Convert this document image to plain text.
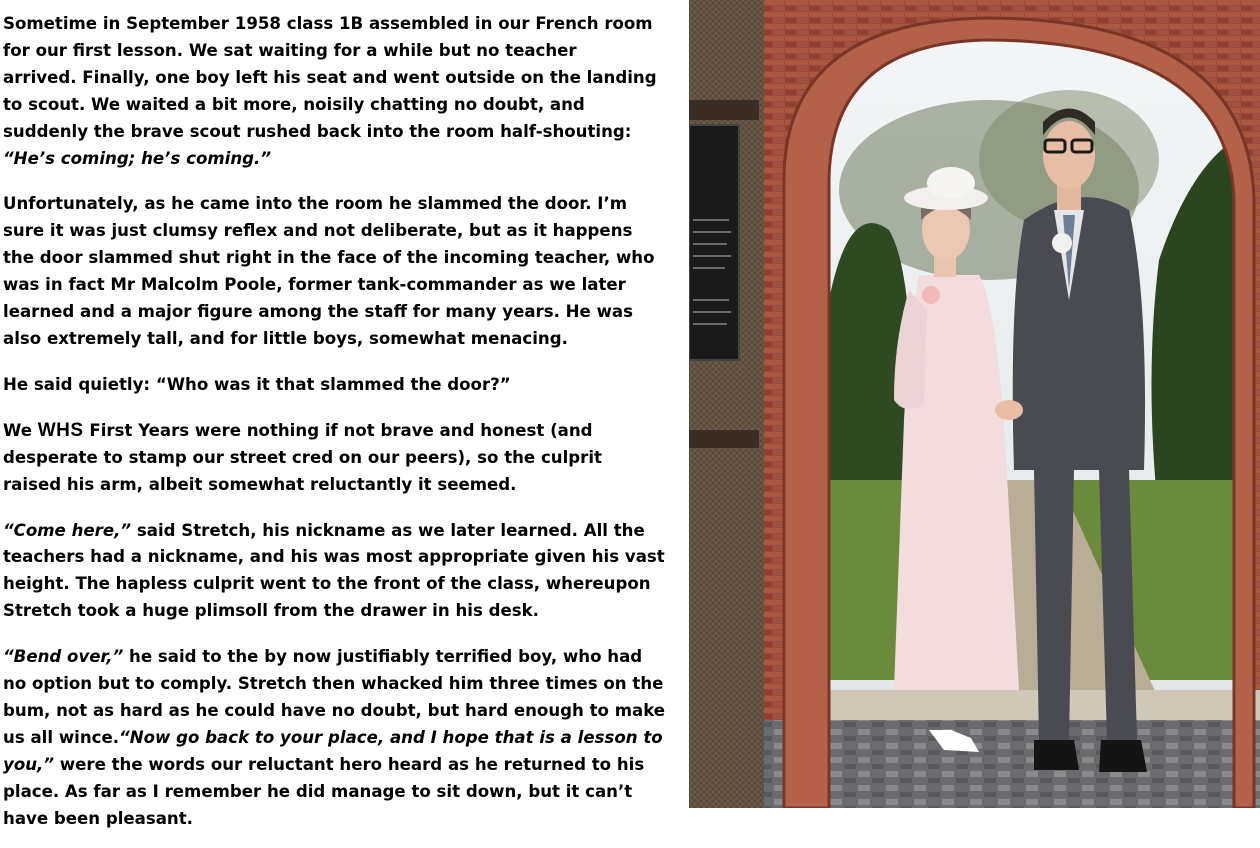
Sometime in September 1958 class 1B assembled in our French room
for our first lesson. We sat waiting for a while but no teacher
arrived. Finally, one boy left his seat and went outside on the landing
to scout. We waited a bit more, noisily chatting no doubt, and
suddenly the brave scout rushed back into the room half-shouting:
“He’s coming; he’s coming.”

Unfortunately, as he came into the room he slammed the door. I’m
sure it was just clumsy reflex and not deliberate, but as it happens
the door slammed shut right in the face of the incoming teacher, who
was in fact Mr Malcolm Poole, former tank-commander as we later
learned and a major figure among the staff for many years. He was
also extremely tall, and for little boys, somewhat menacing.

He said quietly: “Who was it that slammed the door?”

We WHS First Years were nothing if not brave and honest (and
desperate to stamp our street cred on our peers), so the culprit
raised his arm, albeit somewhat reluctantly it seemed.

“Come here,” said Stretch, his nickname as we later learned. All the
teachers had a nickname, and his was most appropriate given his vast
height. The hapless culprit went to the front of the class, whereupon
Stretch took a huge plimsoll from the drawer in his desk.

“Bend over,” he said to the by now justifiably terrified boy, who had
no option but to comply. Stretch then whacked him three times on the
bum, not as hard as he could have no doubt, but hard enough to make
us all wince.“Now go back to your place, and I hope that is a lesson to
you,” were the words our reluctant hero heard as he returned to his
place. As far as I remember he did manage to sit down, but it can’t
have been pleasant.
